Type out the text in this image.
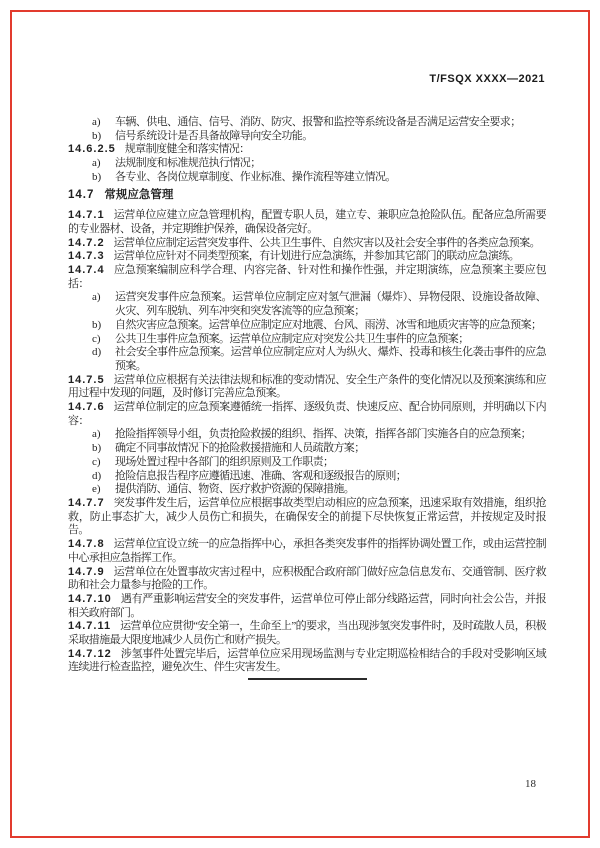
T/FSQX XXXX—2021

a) 车辆、供电、通信、信号、消防、防灾、报警和监控等系统设备是否满足运营安全要求；

b) 信号系统设计是否具备故障导向安全功能。

14.6.2.5 规章制度健全和落实情况：

a) 法规制度和标准规范执行情况；

b) 各专业、各岗位规章制度、作业标准、操作流程等建立情况。

14.7 常规应急管理

14.7.1 运营单位应建立应急管理机构，配置专职人员，建立专、兼职应急抢险队伍。配备应急所需要的专业器材、设备，并定期维护保养，确保设备完好。

14.7.2 运营单位应制定运营突发事件、公共卫生事件、自然灾害以及社会安全事件的各类应急预案。

14.7.3 运营单位应针对不同类型预案，有计划进行应急演练，并参加其它部门的联动应急演练。

14.7.4 应急预案编制应科学合理、内容完备、针对性和操作性强，并定期演练，应急预案主要应包括：

a) 运营突发事件应急预案。运营单位应制定应对氢气泄漏（爆炸）、异物侵限、设施设备故障、火灾、列车脱轨、列车冲突和突发客流等的应急预案；

b) 自然灾害应急预案。运营单位应制定应对地震、台风、雨涝、冰雪和地质灾害等的应急预案；

c) 公共卫生事件应急预案。运营单位应制定应对突发公共卫生事件的应急预案；

d) 社会安全事件应急预案。运营单位应制定应对人为纵火、爆炸、投毒和核生化袭击事件的应急预案。

14.7.5 运营单位应根据有关法律法规和标准的变动情况、安全生产条件的变化情况以及预案演练和应用过程中发现的问题，及时修订完善应急预案。

14.7.6 运营单位制定的应急预案遵循统一指挥、逐级负责、快速反应、配合协同原则，并明确以下内容：

a) 抢险指挥领导小组，负责抢险救援的组织、指挥、决策，指挥各部门实施各自的应急预案；

b) 确定不同事故情况下的抢险救援措施和人员疏散方案；

c) 现场处置过程中各部门的组织原则及工作职责；

d) 抢险信息报告程序应遵循迅速、准确、客观和逐级报告的原则；

e) 提供消防、通信、物资、医疗救护资源的保障措施。

14.7.7 突发事件发生后，运营单位应根据事故类型启动相应的应急预案，迅速采取有效措施，组织抢救，防止事态扩大，减少人员伤亡和损失，在确保安全的前提下尽快恢复正常运营，并按规定及时报告。

14.7.8 运营单位宜设立统一的应急指挥中心，承担各类突发事件的指挥协调处置工作，或由运营控制中心承担应急指挥工作。

14.7.9 运营单位在处置事故灾害过程中，应积极配合政府部门做好应急信息发布、交通管制、医疗救助和社会力量参与抢险的工作。

14.7.10 遇有严重影响运营安全的突发事件，运营单位可停止部分线路运营，同时向社会公告，并报相关政府部门。

14.7.11 运营单位应贯彻“安全第一，生命至上”的要求，当出现涉氢突发事件时，及时疏散人员，积极采取措施最大限度地减少人员伤亡和财产损失。

14.7.12 涉氢事件处置完毕后，运营单位应采用现场监测与专业定期巡检相结合的手段对受影响区域连续进行检查监控，避免次生、伴生灾害发生。

18
